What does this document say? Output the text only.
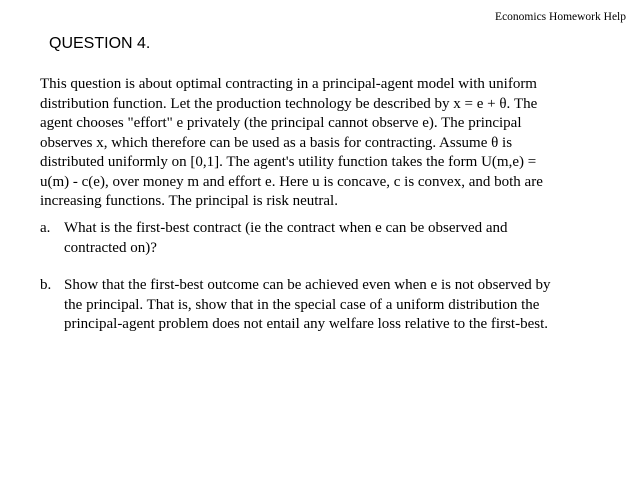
Economics Homework Help
QUESTION 4.
This question is about optimal contracting in a principal-agent model with uniform
distribution function. Let the production technology be described by x = e + θ. The
agent chooses "effort" e privately (the principal cannot observe e). The principal
observes x, which therefore can be used as a basis for contracting. Assume θ is
distributed uniformly on [0,1]. The agent's utility function takes the form U(m,e) =
u(m) - c(e), over money m and effort e. Here u is concave, c is convex, and both are
increasing functions. The principal is risk neutral.
a. What is the first-best contract (ie the contract when e can be observed and
contracted on)?
b. Show that the first-best outcome can be achieved even when e is not observed by
the principal. That is, show that in the special case of a uniform distribution the
principal-agent problem does not entail any welfare loss relative to the first-best.
